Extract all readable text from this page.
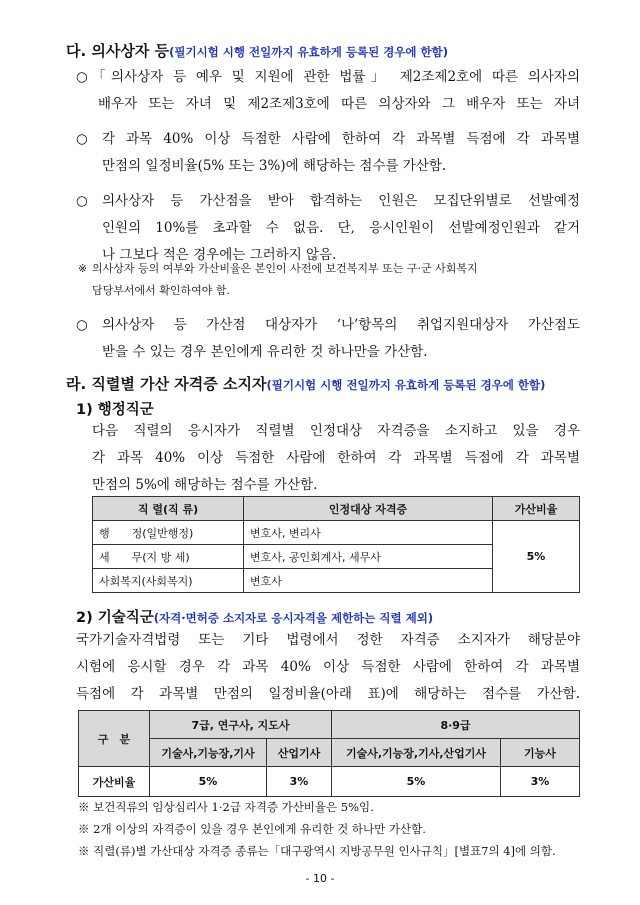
다. 의사상자 등(필기시험 시행 전일까지 유효하게 등록된 경우에 한함)
○ 「의사상자 등 예우 및 지원에 관한 법률」 제2조제2호에 따른 의사자의
배우자 또는 자녀 및 제2조제3호에 따른 의상자와 그 배우자 또는 자녀
○ 각 과목 40% 이상 득점한 사람에 한하여 각 과목별 득점에 각 과목별
만점의 일정비율(5% 또는 3%)에 해당하는 점수를 가산함.
○ 의사상자 등 가산점을 받아 합격하는 인원은 모집단위별로 선발예정
인원의 10%를 초과할 수 없음. 단, 응시인원이 선발예정인원과 같거
나 그보다 적은 경우에는 그러하지 않음.
※ 의사상자 등의 여부와 가산비율은 본인이 사전에 보건복지부 또는 구·군 사회복지
담당부서에서 확인하여야 함.
○ 의사상자 등 가산점 대상자가 ‘나’항목의 취업지원대상자 가산점도
받을 수 있는 경우 본인에게 유리한 것 하나만을 가산함.
라. 직렬별 가산 자격증 소지자(필기시험 시행 전일까지 유효하게 등록된 경우에 한함)
1) 행정직군
다음 직렬의 응시자가 직렬별 인정대상 자격증을 소지하고 있을 경우
각 과목 40% 이상 득점한 사람에 한하여 각 과목별 득점에 각 과목별
만점의 5%에 해당하는 점수를 가산함.
직 렬(직 류)	인정대상 자격증	가산비율
행　　정(일반행정)	변호사, 변리사	5%
세　　무(지 방 세)	변호사, 공인회계사, 세무사	
사회복지(사회복지)	변호사	
2) 기술직군(자격·면허증 소지자로 응시자격을 제한하는 직렬 제외)
국가기술자격법령 또는 기타 법령에서 정한 자격증 소지자가 해당분야
시험에 응시할 경우 각 과목 40% 이상 득점한 사람에 한하여 각 과목별
득점에 각 과목별 만점의 일정비율(아래 표)에 해당하는 점수를 가산함.
구　분	7급, 연구사, 지도사		8·9급	
	기술사,기능장,기사	산업기사	기술사,기능장,기사,산업기사	기능사
가산비율	5%	3%	5%	3%
※ 보건직류의 임상심리사 1·2급 자격증 가산비율은 5%임.
※ 2개 이상의 자격증이 있을 경우 본인에게 유리한 것 하나만 가산함.
※ 직렬(류)별 가산대상 자격증 종류는「대구광역시 지방공무원 인사규칙」[별표7의 4]에 의함.
- 10 -
